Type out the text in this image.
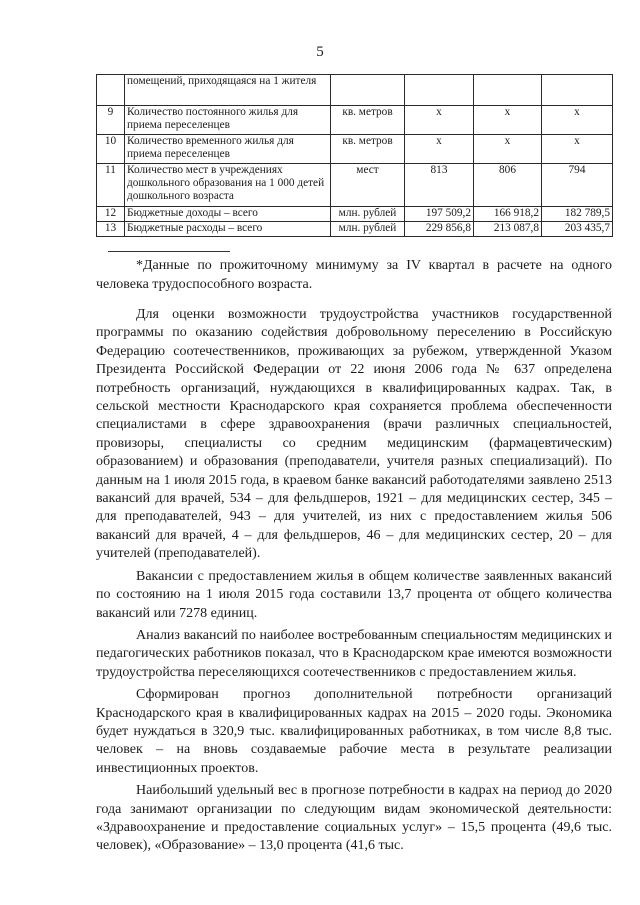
5
	помещений, приходящаяся на 1 жителя				
9	Количество постоянного жилья для приема переселенцев	кв. метров	х	х	х
10	Количество временного жилья для приема переселенцев	кв. метров	х	х	х
11	Количество мест в учреждениях дошкольного образования на 1 000 детей дошкольного возраста	мест	813	806	794
12	Бюджетные доходы – всего	млн. рублей	197 509,2	166 918,2	182 789,5
13	Бюджетные расходы – всего	млн. рублей	229 856,8	213 087,8	203 435,7
*Данные по прожиточному минимуму за IV квартал в расчете на одного человека трудоспособного возраста.

Для оценки возможности трудоустройства участников государственной программы по оказанию содействия добровольному переселению в Российскую Федерацию соотечественников, проживающих за рубежом, утвержденной Указом Президента Российской Федерации от 22 июня 2006 года № 637 определена потребность организаций, нуждающихся в квалифицированных кадрах. Так, в сельской местности Краснодарского края сохраняется проблема обеспеченности специалистами в сфере здравоохранения (врачи различных специальностей, провизоры, специалисты со средним медицинским (фармацевтическим) образованием) и образования (преподаватели, учителя разных специализаций). По данным на 1 июля 2015 года, в краевом банке вакансий работодателями заявлено 2513 вакансий для врачей, 534 – для фельдшеров, 1921 – для медицинских сестер, 345 – для преподавателей, 943 – для учителей, из них с предоставлением жилья 506 вакансий для врачей, 4 – для фельдшеров, 46 – для медицинских сестер, 20 – для учителей (преподавателей).

Вакансии с предоставлением жилья в общем количестве заявленных вакансий по состоянию на 1 июля 2015 года составили 13,7 процента от общего количества вакансий или 7278 единиц.

Анализ вакансий по наиболее востребованным специальностям медицинских и педагогических работников показал, что в Краснодарском крае имеются возможности трудоустройства переселяющихся соотечественников с предоставлением жилья.

Сформирован прогноз дополнительной потребности организаций Краснодарского края в квалифицированных кадрах на 2015 – 2020 годы. Экономика будет нуждаться в 320,9 тыс. квалифицированных работниках, в том числе 8,8 тыс. человек – на вновь создаваемые рабочие места в результате реализации инвестиционных проектов.

Наибольший удельный вес в прогнозе потребности в кадрах на период до 2020 года занимают организации по следующим видам экономической деятельности: «Здравоохранение и предоставление социальных услуг» – 15,5 процента (49,6 тыс. человек), «Образование» – 13,0 процента (41,6 тыс.
